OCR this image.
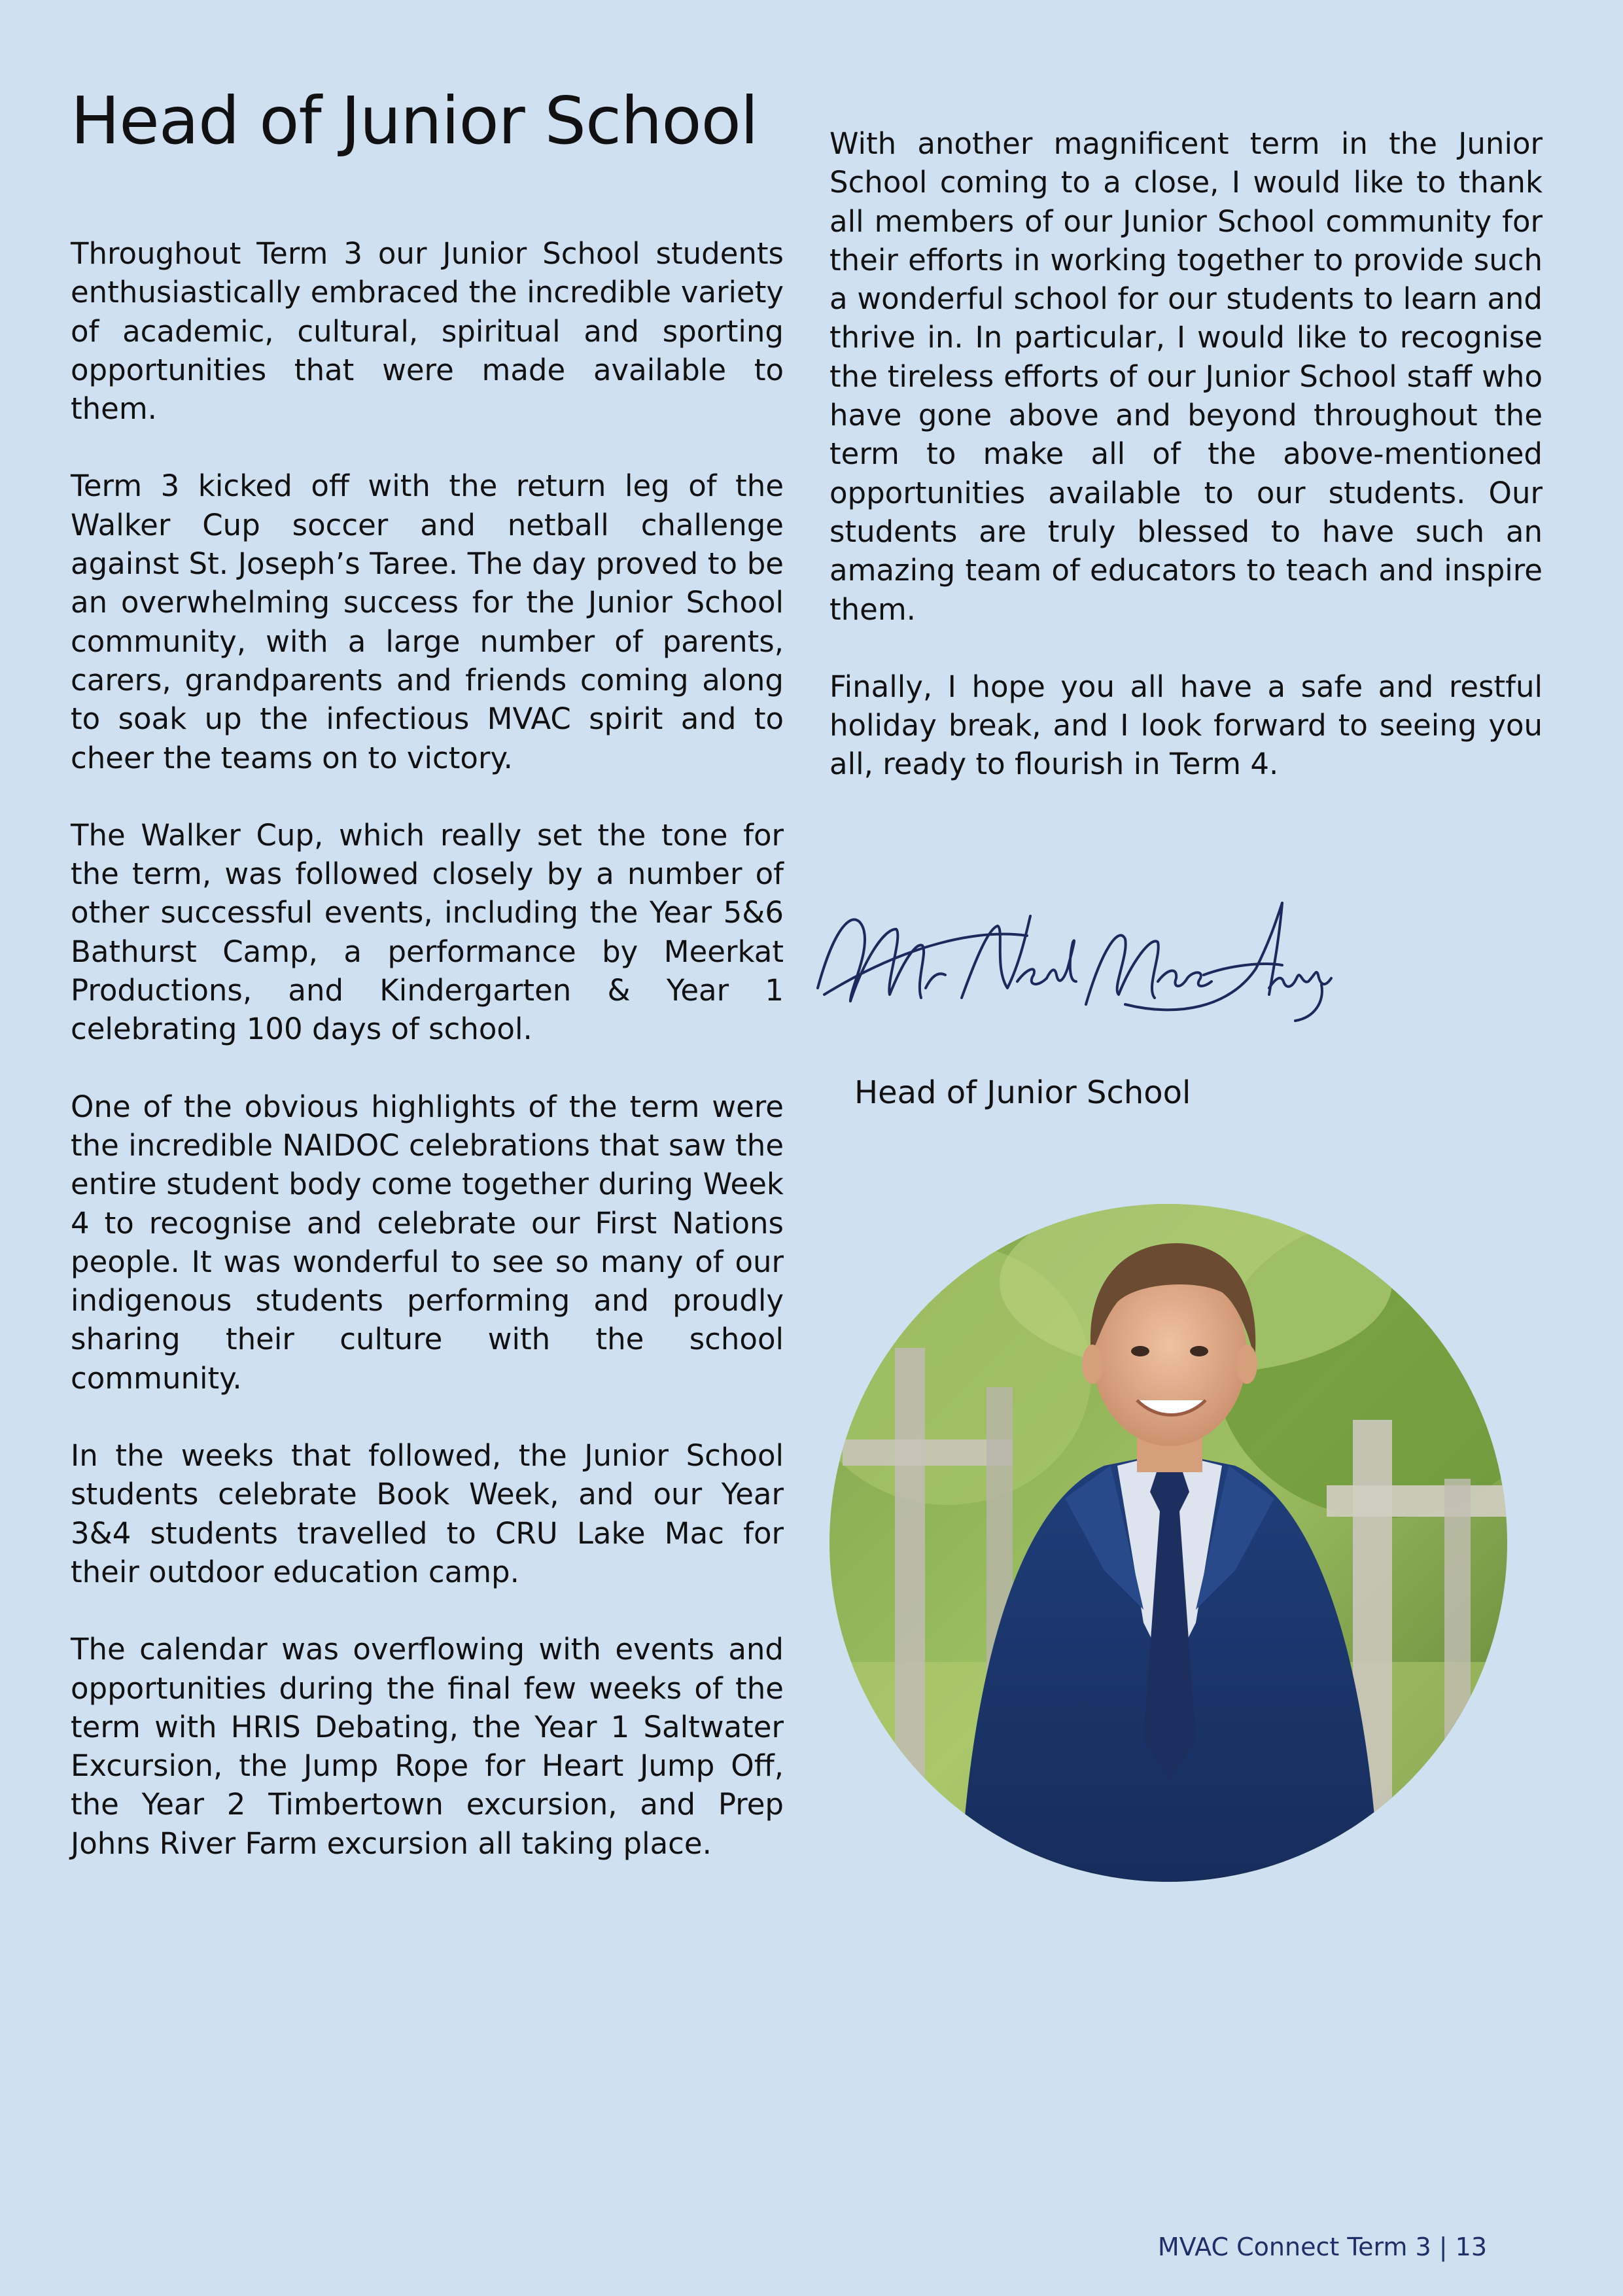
Head of Junior School

Throughout Term 3 our Junior School students enthusiastically embraced the incredible variety of academic, cultural, spiritual and sporting opportunities that were made available to them.

Term 3 kicked off with the return leg of the Walker Cup soccer and netball challenge against St. Joseph’s Taree. The day proved to be an overwhelming success for the Junior School community, with a large number of parents, carers, grandparents and friends coming along to soak up the infectious MVAC spirit and to cheer the teams on to victory.

The Walker Cup, which really set the tone for the term, was followed closely by a number of other successful events, including the Year 5&6 Bathurst Camp, a performance by Meerkat Productions, and Kindergarten & Year 1 celebrating 100 days of school.

One of the obvious highlights of the term were the incredible NAIDOC celebrations that saw the entire student body come together during Week 4 to recognise and celebrate our First Nations people. It was wonderful to see so many of our indigenous students performing and proudly sharing their culture with the school community.

In the weeks that followed, the Junior School students celebrate Book Week, and our Year 3&4 students travelled to CRU Lake Mac for their outdoor education camp.

The calendar was overflowing with events and opportunities during the final few weeks of the term with HRIS Debating, the Year 1 Saltwater Excursion, the Jump Rope for Heart Jump Off, the Year 2 Timbertown excursion, and Prep Johns River Farm excursion all taking place.

With another magnificent term in the Junior School coming to a close, I would like to thank all members of our Junior School community for their efforts in working together to provide such a wonderful school for our students to learn and thrive in. In particular, I would like to recognise the tireless efforts of our Junior School staff who have gone above and beyond throughout the term to make all of the above-mentioned opportunities available to our students. Our students are truly blessed to have such an amazing team of educators to teach and inspire them.

Finally, I hope you all have a safe and restful holiday break, and I look forward to seeing you all, ready to flourish in Term 4.

Head of Junior School
MVAC Connect Term 3 | 13
